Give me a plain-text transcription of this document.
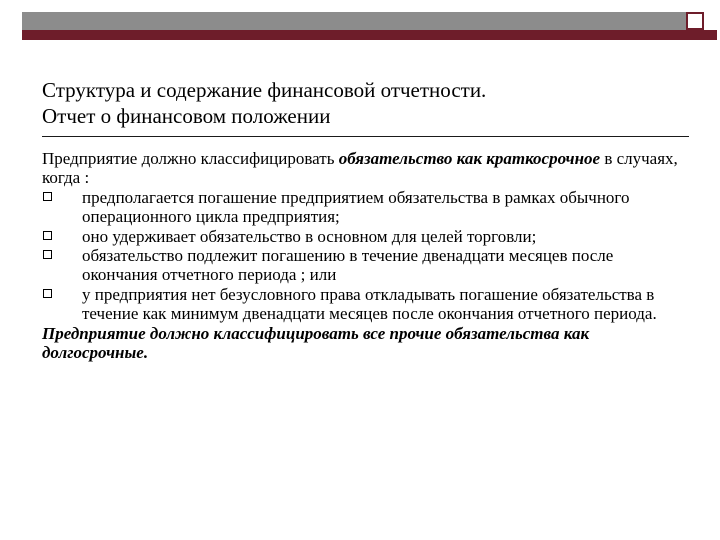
Структура и содержание финансовой отчетности.
Отчет о финансовом положении

Предприятие должно классифицировать обязательство как краткосрочное в случаях, когда :

предполагается погашение предприятием обязательства в рамках обычного операционного цикла предприятия;
оно удерживает обязательство в основном для целей торговли;
обязательство подлежит погашению в течение двенадцати месяцев после окончания отчетного периода ; или
у предприятия нет безусловного права откладывать погашение обязательства в течение как минимум двенадцати месяцев после окончания отчетного периода.

Предприятие должно классифицировать все прочие обязательства как долгосрочные.
